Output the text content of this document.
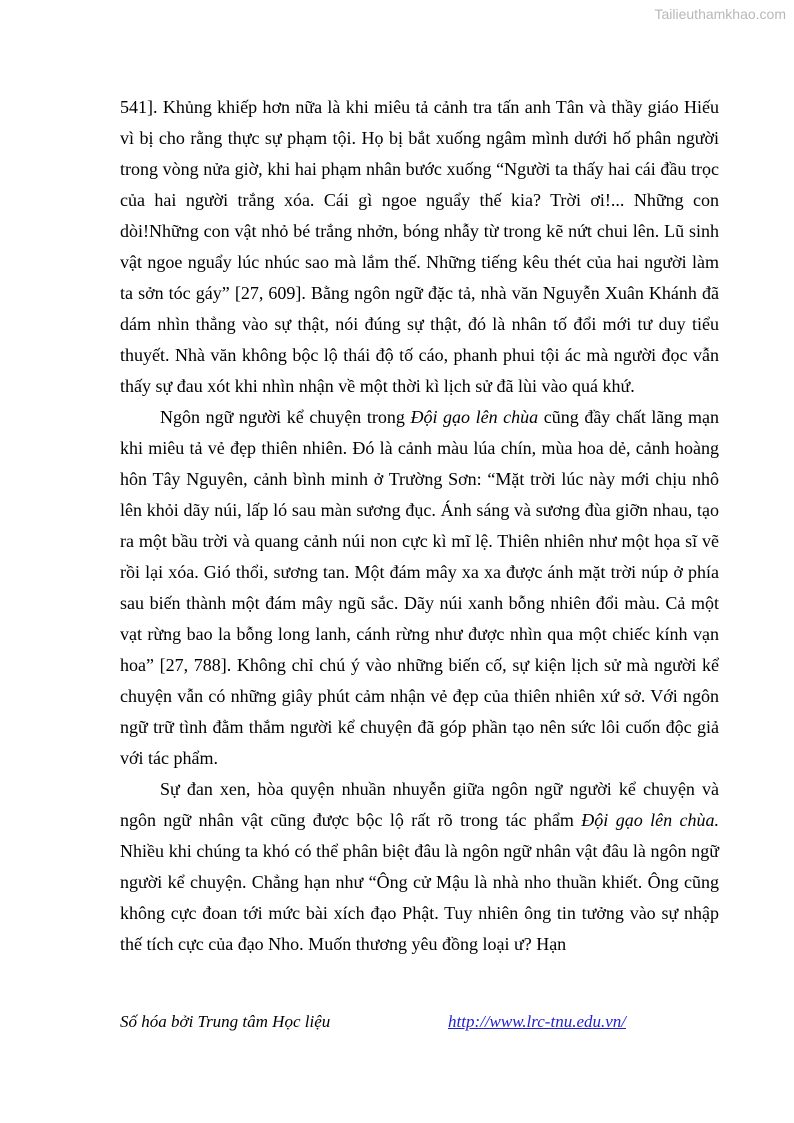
Tailieuthamkhao.com

541]. Khủng khiếp hơn nữa là khi miêu tả cảnh tra tấn anh Tân và thầy giáo Hiếu vì bị cho rằng thực sự phạm tội. Họ bị bắt xuống ngâm mình dưới hố phân người trong vòng nửa giờ, khi hai phạm nhân bước xuống “Người ta thấy hai cái đầu trọc của hai người trắng xóa. Cái gì ngoe nguẩy thế kia? Trời ơi!... Những con dòi!Những con vật nhỏ bé trắng nhởn, bóng nhẫy từ trong kẽ nứt chui lên. Lũ sinh vật ngoe nguẩy lúc nhúc sao mà lắm thế. Những tiếng kêu thét của hai người làm ta sởn tóc gáy” [27, 609]. Bằng ngôn ngữ đặc tả, nhà văn Nguyễn Xuân Khánh đã dám nhìn thẳng vào sự thật, nói đúng sự thật, đó là nhân tố đổi mới tư duy tiểu thuyết. Nhà văn không bộc lộ thái độ tố cáo, phanh phui tội ác mà người đọc vẫn thấy sự đau xót khi nhìn nhận về một thời kì lịch sử đã lùi vào quá khứ.

Ngôn ngữ người kể chuyện trong Đội gạo lên chùa cũng đầy chất lãng mạn khi miêu tả vẻ đẹp thiên nhiên. Đó là cảnh màu lúa chín, mùa hoa dẻ, cảnh hoàng hôn Tây Nguyên, cảnh bình minh ở Trường Sơn: “Mặt trời lúc này mới chịu nhô lên khỏi dãy núi, lấp ló sau màn sương đục. Ánh sáng và sương đùa giỡn nhau, tạo ra một bầu trời và quang cảnh núi non cực kì mĩ lệ. Thiên nhiên như một họa sĩ vẽ rồi lại xóa. Gió thổi, sương tan. Một đám mây xa xa được ánh mặt trời núp ở phía sau biến thành một đám mây ngũ sắc. Dãy núi xanh bỗng nhiên đổi màu. Cả một vạt rừng bao la bỗng long lanh, cánh rừng như được nhìn qua một chiếc kính vạn hoa” [27, 788]. Không chỉ chú ý vào những biến cố, sự kiện lịch sử mà người kể chuyện vẫn có những giây phút cảm nhận vẻ đẹp của thiên nhiên xứ sở. Với ngôn ngữ trữ tình đằm thắm người kể chuyện đã góp phần tạo nên sức lôi cuốn độc giả với tác phẩm.

Sự đan xen, hòa quyện nhuần nhuyễn giữa ngôn ngữ người kể chuyện và ngôn ngữ nhân vật cũng được bộc lộ rất rõ trong tác phẩm Đội gạo lên chùa. Nhiều khi chúng ta khó có thể phân biệt đâu là ngôn ngữ nhân vật đâu là ngôn ngữ người kể chuyện. Chẳng hạn như “Ông cử Mậu là nhà nho thuần khiết. Ông cũng không cực đoan tới mức bài xích đạo Phật. Tuy nhiên ông tin tưởng vào sự nhập thế tích cực của đạo Nho. Muốn thương yêu đồng loại ư? Hạn

Số hóa bởi Trung tâm Học liệu	http://www.lrc-tnu.edu.vn/
